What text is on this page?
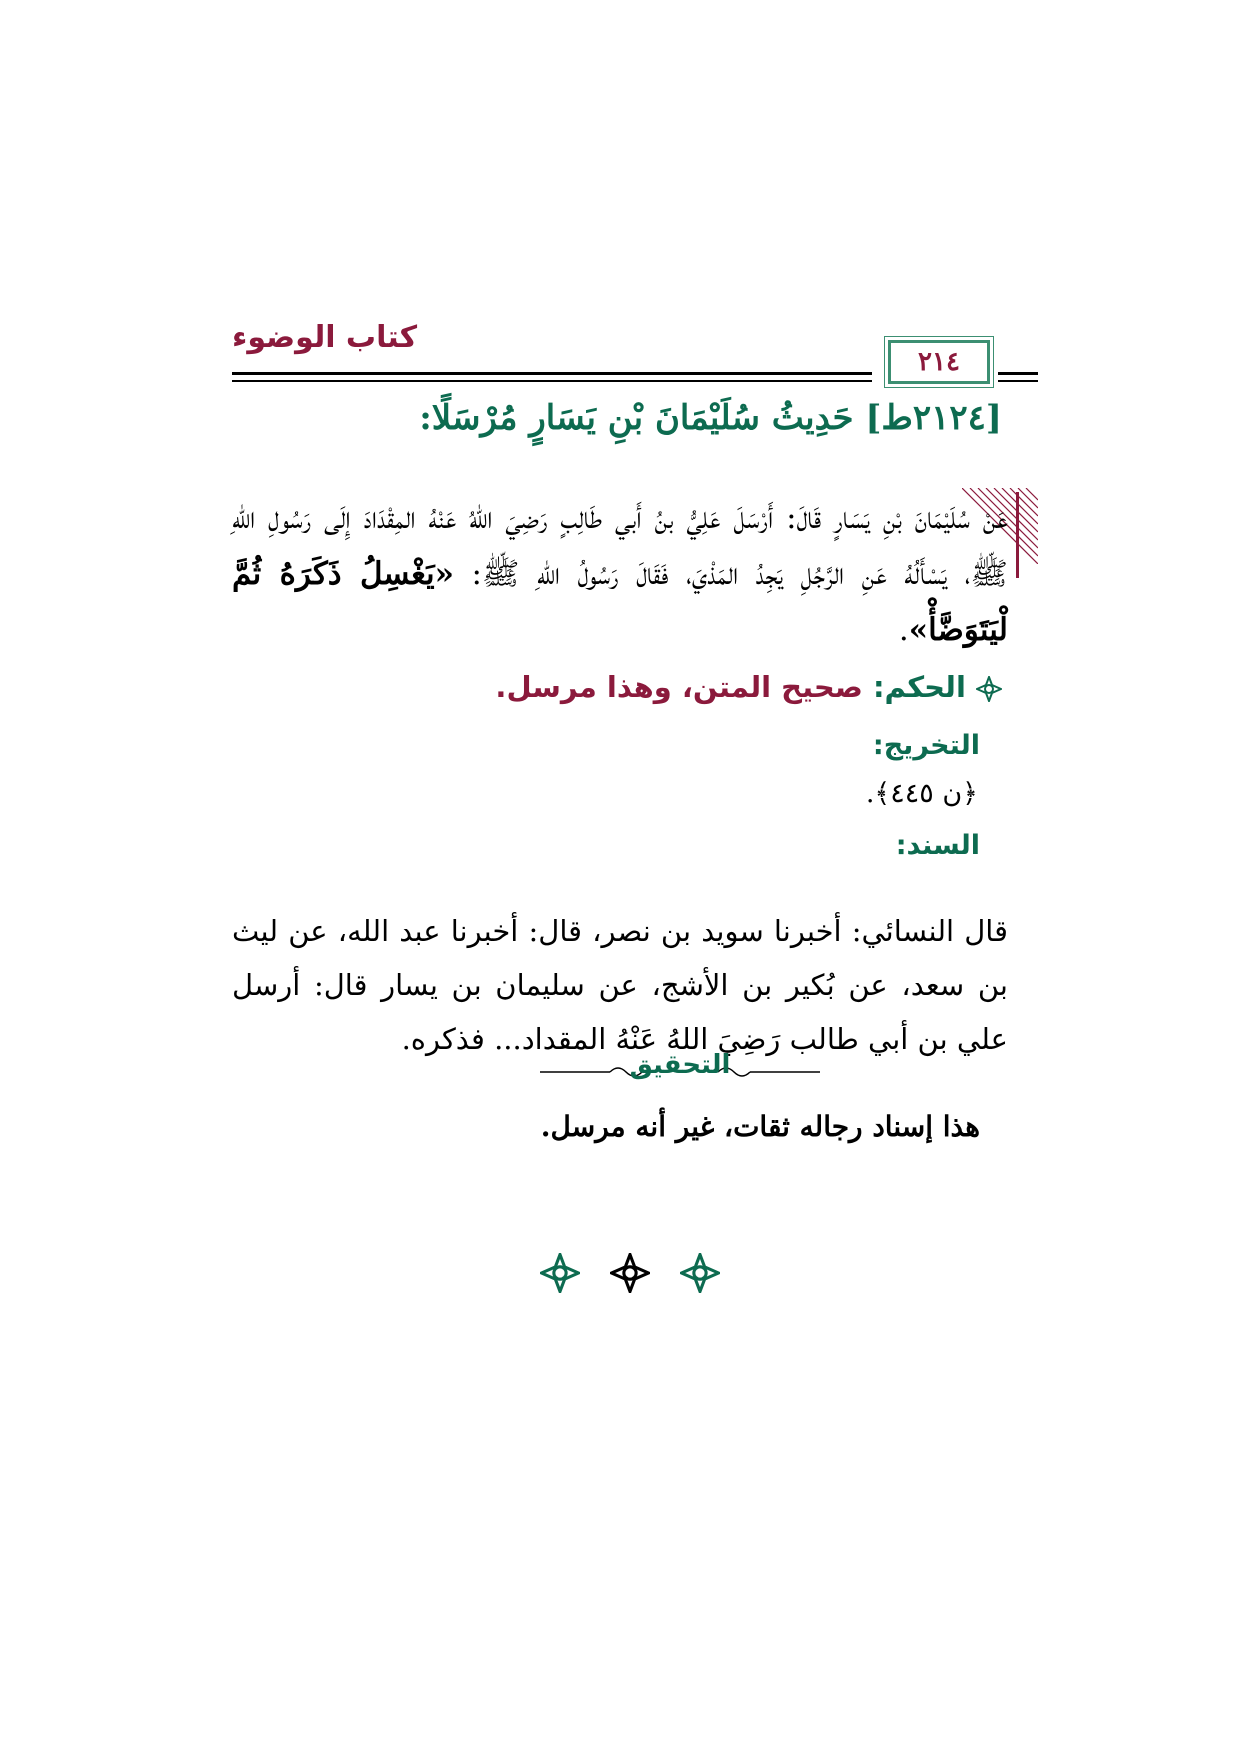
كتاب الوضوء
٢١٤
[٢١٢٤ط] حَدِيثُ سُلَيْمَانَ بْنِ يَسَارٍ مُرْسَلًا:
عَنْ سُلَيْمَانَ بْنِ يَسَارٍ قَالَ: أَرْسَلَ عَلِيُّ بنُ أَبي طَالِبٍ رَضِيَ اللهُ عَنْهُ المِقْدَادَ إِلَى رَسُولِ اللهِ ﷺ، يَسْأَلُهُ عَنِ الرَّجُلِ يَجِدُ المَذْيَ، فَقَالَ رَسُولُ اللهِ ﷺ: «يَغْسِلُ ذَكَرَهُ ثُمَّ لْيَتَوَضَّأْ».
الحكم: صحيح المتن، وهذا مرسل.
التخريج:
﴿ن ٤٤٥﴾.
السند:
قال النسائي: أخبرنا سويد بن نصر، قال: أخبرنا عبد الله، عن ليث بن سعد، عن بُكير بن الأشج، عن سليمان بن يسار قال: أرسل علي بن أبي طالب رَضِيَ اللهُ عَنْهُ المقداد... فذكره.
التحقيق
هذا إسناد رجاله ثقات، غير أنه مرسل.
